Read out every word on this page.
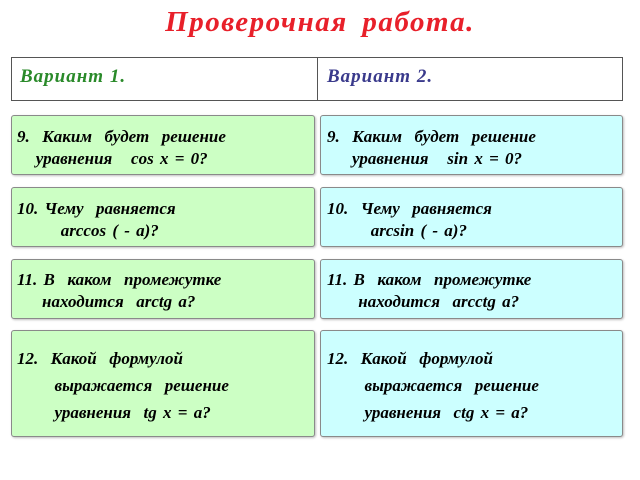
Проверочная работа.
Вариант 1.	Вариант 2.
9.  Каким  будет  решение
уравнения   cos x = 0?
10. Чему  равняется
arccos ( - a)?
11. В  каком  промежутке
находится  arctg a?
12.  Какой  формулой
выражается  решение
уравнения  tg x = a?
9.  Каким  будет  решение
уравнения   sin x = 0?
10.  Чему  равняется
arcsin ( - a)?
11. В  каком  промежутке
находится  arcctg a?
12.  Какой  формулой
выражается  решение
уравнения  ctg x = a?
